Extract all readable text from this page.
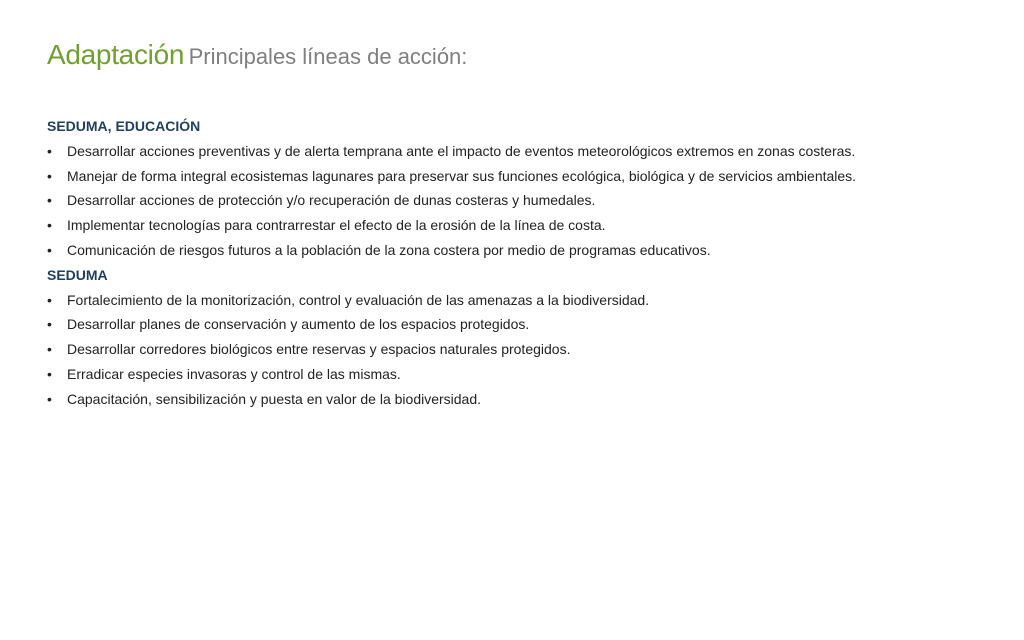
Adaptación Principales líneas de acción:
SEDUMA, EDUCACIÓN
• Desarrollar acciones preventivas y de alerta temprana ante el impacto de eventos meteorológicos extremos en zonas costeras.
• Manejar de forma integral ecosistemas lagunares para preservar sus funciones ecológica, biológica y de servicios ambientales.
• Desarrollar acciones de protección y/o recuperación de dunas costeras y humedales.
• Implementar tecnologías para contrarrestar el efecto de la erosión de la línea de costa.
• Comunicación de riesgos futuros a la población de la zona costera por medio de programas educativos.
SEDUMA
• Fortalecimiento de la monitorización, control y evaluación de las amenazas a la biodiversidad.
• Desarrollar planes de conservación y aumento de los espacios protegidos.
• Desarrollar corredores biológicos entre reservas y espacios naturales protegidos.
• Erradicar especies invasoras y control de las mismas.
• Capacitación, sensibilización y puesta en valor de la biodiversidad.
